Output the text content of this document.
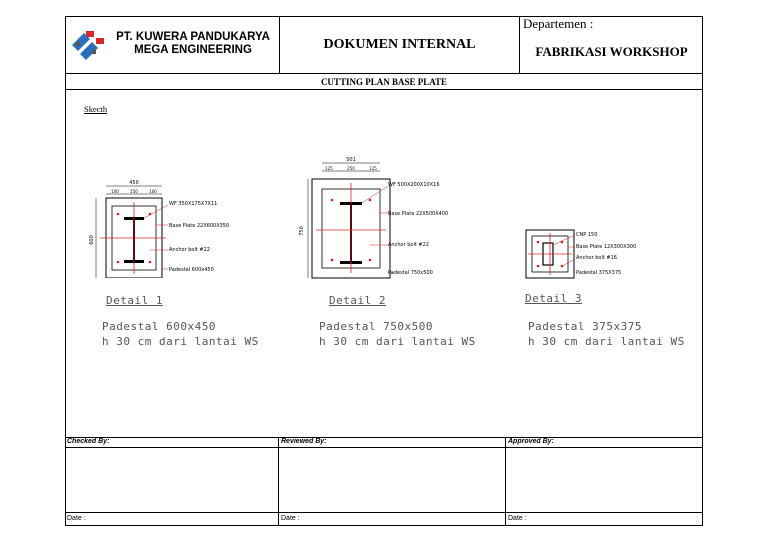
PT. KUWERA PANDUKARYA
MEGA ENGINEERING	DOKUMEN INTERNAL
Departemen :
FABRIKASI WORKSHOP
CUTTING PLAN BASE PLATE
Skecth
450
100	250	100
600
WF 350X175X7X11
Base Plate 22X600X350
Anchor bolt #22
Padestal 600x450
501
125	250	125
750
WF 500X200X10X16
Base Plate 22X500X400
Anchor bolt #22
Padestal 750x500
CNP 150
Base Plate 12X300X300
Anchor bolt #16
Padestal 375X375
Detail 1
Padestal 600x450
h 30 cm dari lantai WS
Detail 2
Padestal 750x500
h 30 cm dari lantai WS
Detail 3
Padestal 375x375
h 30 cm dari lantai WS
Checked By:	Reviewed By:	Approved By:
Date :	Date :	Date :
